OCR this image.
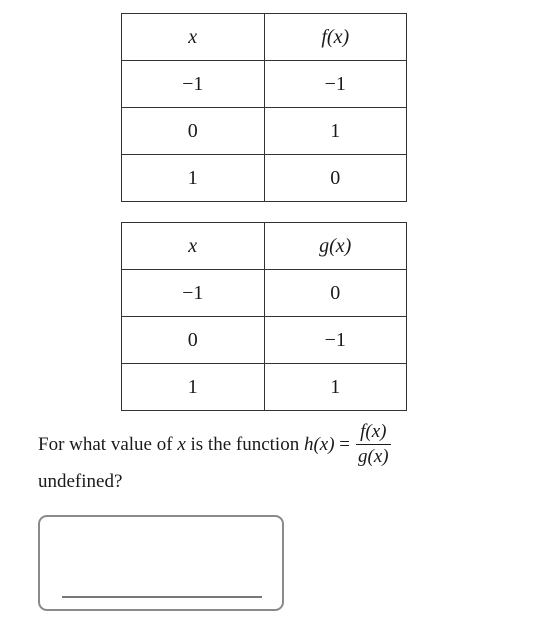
x	f(x)
−1	−1
0	1
1	0
x	g(x)
−1	0
0	−1
1	1
For what value of
x
is the function
h(x)
= $\frac{f(x)}{g(x)}$
undefined?
